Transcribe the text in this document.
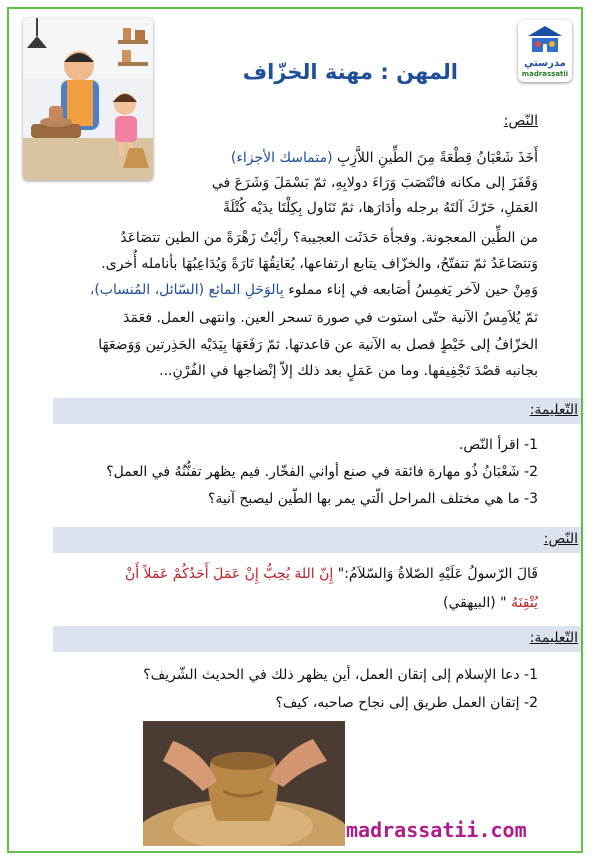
مدرستي
madrassatii
المهن : مهنة الخزّاف
النّص:
أَخَذَ شَعْبَانُ قِطْعَةً مِنَ الطِّينِ اللاَّزِبِ (متماسك الأجزاء)
وَقَفَزَ إلى مكانه فانْتَصَبَ وَرَاءَ دولابِهِ، ثمّ بَسْمَلَ وَشَرَعَ في
العَمَلِ، حَرّكَ آلتَهُ برجله وأدَارَها، ثمّ تَنَاول بِكِلْتَا يدَيْه كُتْلَةً
من الطِّين المعجونة. وفجأة حَدَثَت العجيبة؟ رأيْتُ زَهْرَةً من الطين تتصَاعَدُ
وَتتصَاعَدُ ثمّ تتفتّحُ، والخزّاف يتابع ارتفاعها، يُعَانِقُهَا تَارَةً وَيُدَاعِبُهَا بأنامله أُخرى.
وَمِنْ حين لآخر يَغمِسُ أصَابعه في إناء مملوء بِالوَحَلِ المائع (السّائل، المُنساب)،
ثمّ يُلاَمِسُ الآنية حتّى استوت في صورة تسحر العين. وانتهى العمل. فعَمَدَ
الخزّافُ إلى خَيْطٍ فصل به الآنية عن قاعدتها. ثمّ رَفَعَهَا بِيَدَيْه الحَذِرتين وَوَضعَهَا
بجانبه قصْدَ تَجْفِيفها. وما من عَمَلٍ بعد ذلك إلاّ إنْضاجها في الفُرْنِ...
التّعليمة:
1- اقرأ النّص.
2- شَعْبَانُ ذُو مهارة فائقة في صنع أواني الفخّار. فيم يظهر تفنُّنُهُ في العمل؟
3- ما هي مختلف المراحل الّتي يمر بها الطّين ليصبح آنية؟
النّص:
قَالَ الرّسولُ عَلَيْهِ الصّلاةُ وَالسّلاَمُ:" إِنّ اللهَ يُحِبُّ إِنْ عَمَلَ أَحَدُكُمْ عَمَلاً أَنْ
يُتْقِنَهُ " (البيهقي)
التّعليمة:
1- دعا الإسلام إلى إتقان العمل، أين يظهر ذلك في الحديث الشّريف؟
2- إتقان العمل طريق إلى نجاح صاحبه، كيف؟
madrassatii.com
